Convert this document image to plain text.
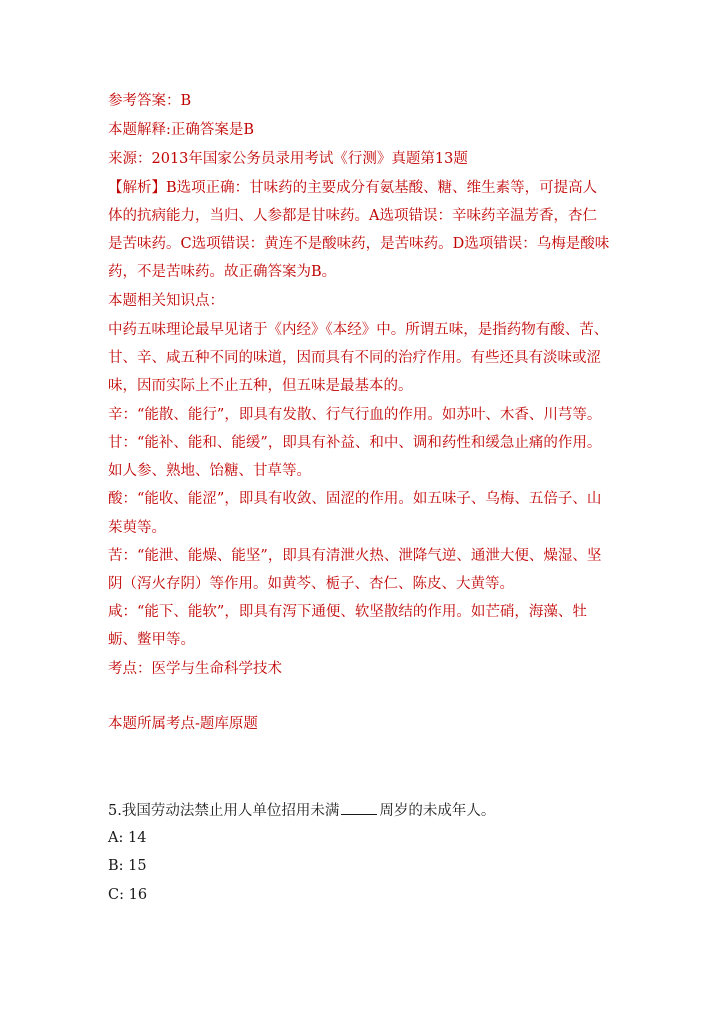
参考答案：B
本题解释:正确答案是B
来源：2013年国家公务员录用考试《行测》真题第13题
【解析】B选项正确：甘味药的主要成分有氨基酸、糖、维生素等，可提高人
体的抗病能力，当归、人参都是甘味药。A选项错误：辛味药辛温芳香，杏仁
是苦味药。C选项错误：黄连不是酸味药，是苦味药。D选项错误：乌梅是酸味
药，不是苦味药。故正确答案为B。
本题相关知识点：
中药五味理论最早见诸于《内经》《本经》中。所谓五味，是指药物有酸、苦、
甘、辛、咸五种不同的味道，因而具有不同的治疗作用。有些还具有淡味或涩
味，因而实际上不止五种，但五味是最基本的。
辛：“能散、能行”，即具有发散、行气行血的作用。如苏叶、木香、川芎等。
甘：“能补、能和、能缓”，即具有补益、和中、调和药性和缓急止痛的作用。
如人参、熟地、饴糖、甘草等。
酸：“能收、能涩”，即具有收敛、固涩的作用。如五味子、乌梅、五倍子、山
茱萸等。
苦：“能泄、能燥、能坚”，即具有清泄火热、泄降气逆、通泄大便、燥湿、坚
阴（泻火存阴）等作用。如黄芩、栀子、杏仁、陈皮、大黄等。
咸：“能下、能软”，即具有泻下通便、软坚散结的作用。如芒硝，海藻、牡
蛎、鳖甲等。
考点：医学与生命科学技术
本题所属考点-题库原题
5.我国劳动法禁止用人单位招用未满	周岁的未成年人。
A: 14
B: 15
C: 16
